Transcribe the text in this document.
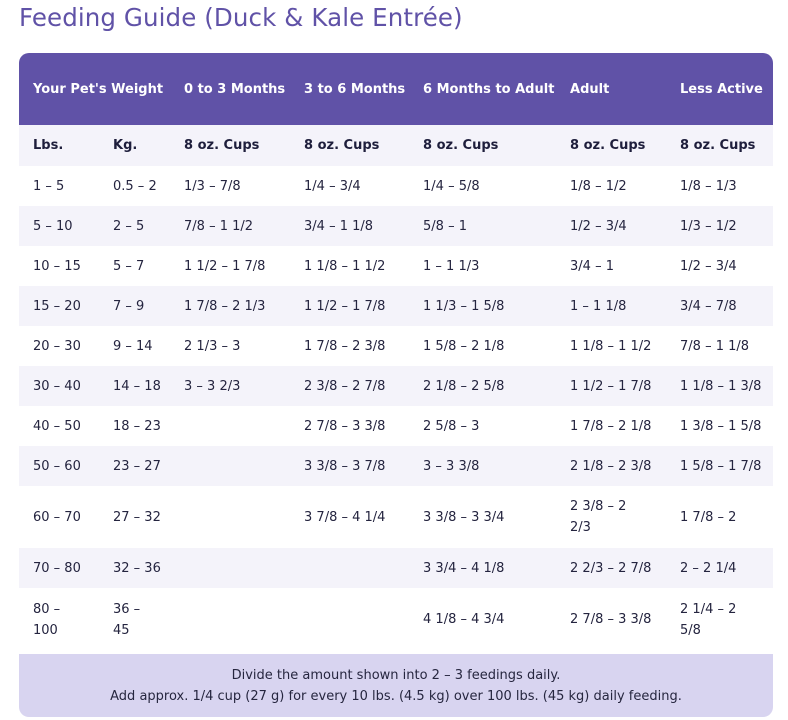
Feeding Guide (Duck & Kale Entrée)
Your Pet's Weight		0 to 3 Months	3 to 6 Months	6 Months to Adult	Adult	Less Active
Lbs.	Kg.	8 oz. Cups	8 oz. Cups	8 oz. Cups	8 oz. Cups	8 oz. Cups
1 – 5	0.5 – 2	1/3 – 7/8	1/4 – 3/4	1/4 – 5/8	1/8 – 1/2	1/8 – 1/3
5 – 10	2 – 5	7/8 – 1 1/2	3/4 – 1 1/8	5/8 – 1	1/2 – 3/4	1/3 – 1/2
10 – 15	5 – 7	1 1/2 – 1 7/8	1 1/8 – 1 1/2	1 – 1 1/3	3/4 – 1	1/2 – 3/4
15 – 20	7 – 9	1 7/8 – 2 1/3	1 1/2 – 1 7/8	1 1/3 – 1 5/8	1 – 1 1/8	3/4 – 7/8
20 – 30	9 – 14	2 1/3 – 3	1 7/8 – 2 3/8	1 5/8 – 2 1/8	1 1/8 – 1 1/2	7/8 – 1 1/8
30 – 40	14 – 18	3 – 3 2/3	2 3/8 – 2 7/8	2 1/8 – 2 5/8	1 1/2 – 1 7/8	1 1/8 – 1 3/8
40 – 50	18 – 23		2 7/8 – 3 3/8	2 5/8 – 3	1 7/8 – 2 1/8	1 3/8 – 1 5/8
50 – 60	23 – 27		3 3/8 – 3 7/8	3 – 3 3/8	2 1/8 – 2 3/8	1 5/8 – 1 7/8
60 – 70	27 – 32		3 7/8 – 4 1/4	3 3/8 – 3 3/4	2 3/8 – 2 2/3	1 7/8 – 2
70 – 80	32 – 36			3 3/4 – 4 1/8	2 2/3 – 2 7/8	2 – 2 1/4
80 – 100	36 – 45			4 1/8 – 4 3/4	2 7/8 – 3 3/8	2 1/4 – 2 5/8

Divide the amount shown into 2 – 3 feedings daily.

Add approx. 1/4 cup (27 g) for every 10 lbs. (4.5 kg) over 100 lbs. (45 kg) daily feeding.
